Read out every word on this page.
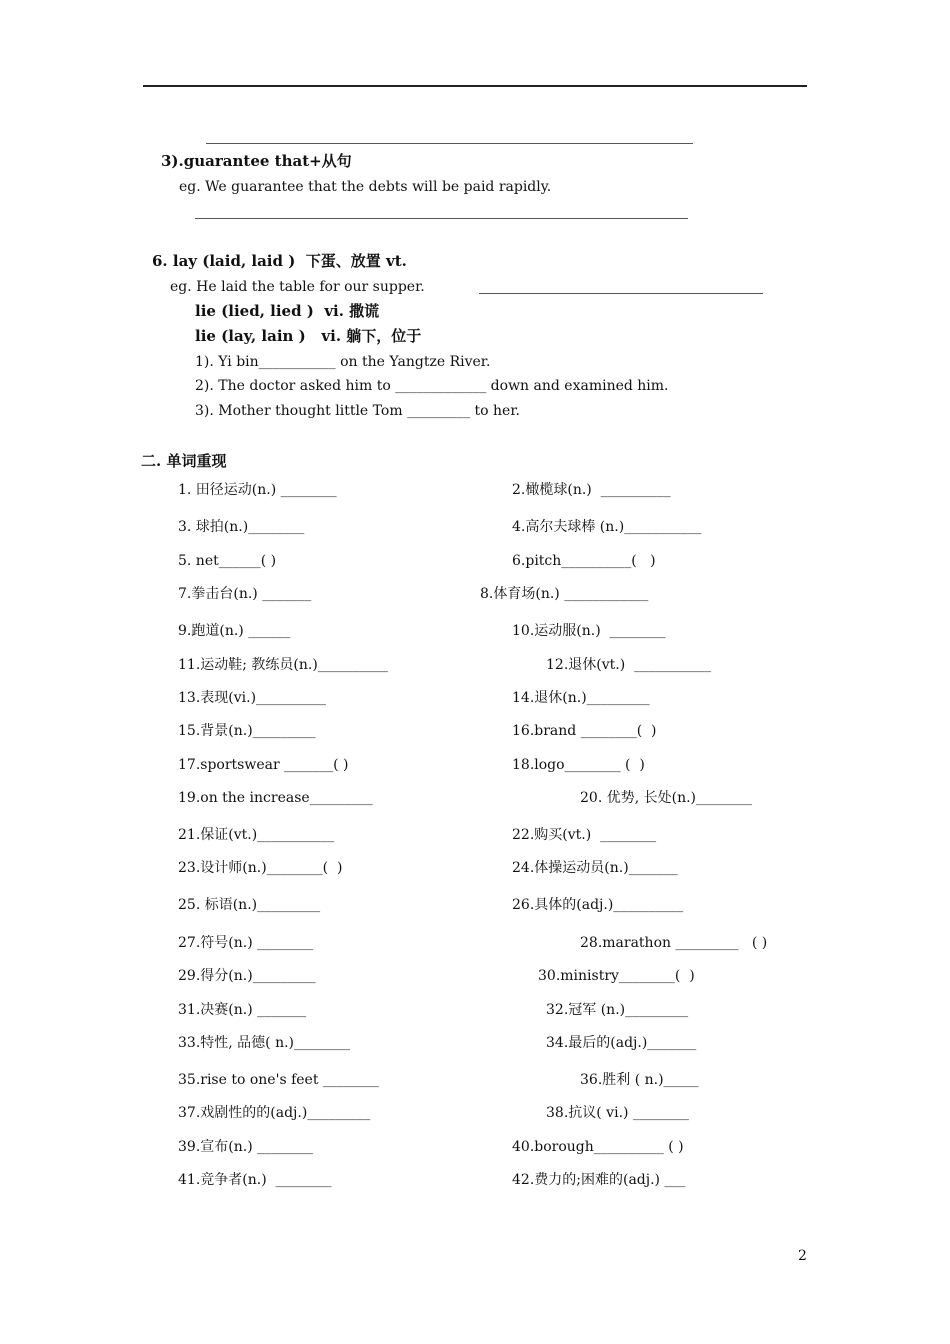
3).guarantee that+从句
eg. We guarantee that the debts will be paid rapidly.
6. lay (laid, laid )  下蛋、放置 vt.
eg. He laid the table for our supper.
lie (lied, lied )  vi. 撒谎
lie (lay, lain )   vi. 躺下，位于
1). Yi bin___________ on the Yangtze River.
2). The doctor asked him to _____________ down and examined him.
3). Mother thought little Tom _________ to her.
二. 单词重现
1. 田径运动(n.) ________	2.橄榄球(n.)  __________
3. 球拍(n.)________	4.高尔夫球棒 (n.)___________
5. net______( )	6.pitch__________(   )
7.拳击台(n.) _______	8.体育场(n.) ____________
9.跑道(n.) ______	10.运动服(n.)  ________
11.运动鞋; 教练员(n.)__________	12.退休(vt.)  ___________
13.表现(vi.)__________	14.退休(n.)_________
15.背景(n.)_________	16.brand ________(  )
17.sportswear _______( )	18.logo________ (  )
19.on the increase_________	20. 优势, 长处(n.)________
21.保证(vt.)___________	22.购买(vt.)  ________
23.设计师(n.)________(  )	24.体操运动员(n.)_______
25. 标语(n.)_________	26.具体的(adj.)__________
27.符号(n.) ________	28.marathon _________   ( )
29.得分(n.)_________	30.ministry________(  )
31.决赛(n.) _______	32.冠军 (n.)_________
33.特性, 品德( n.)________	34.最后的(adj.)_______
35.rise to one's feet ________	36.胜利 ( n.)_____
37.戏剧性的的(adj.)_________	38.抗议( vi.) ________
39.宣布(n.) ________	40.borough__________ ( )
41.竞争者(n.)  ________	42.费力的;困难的(adj.) ___
2
